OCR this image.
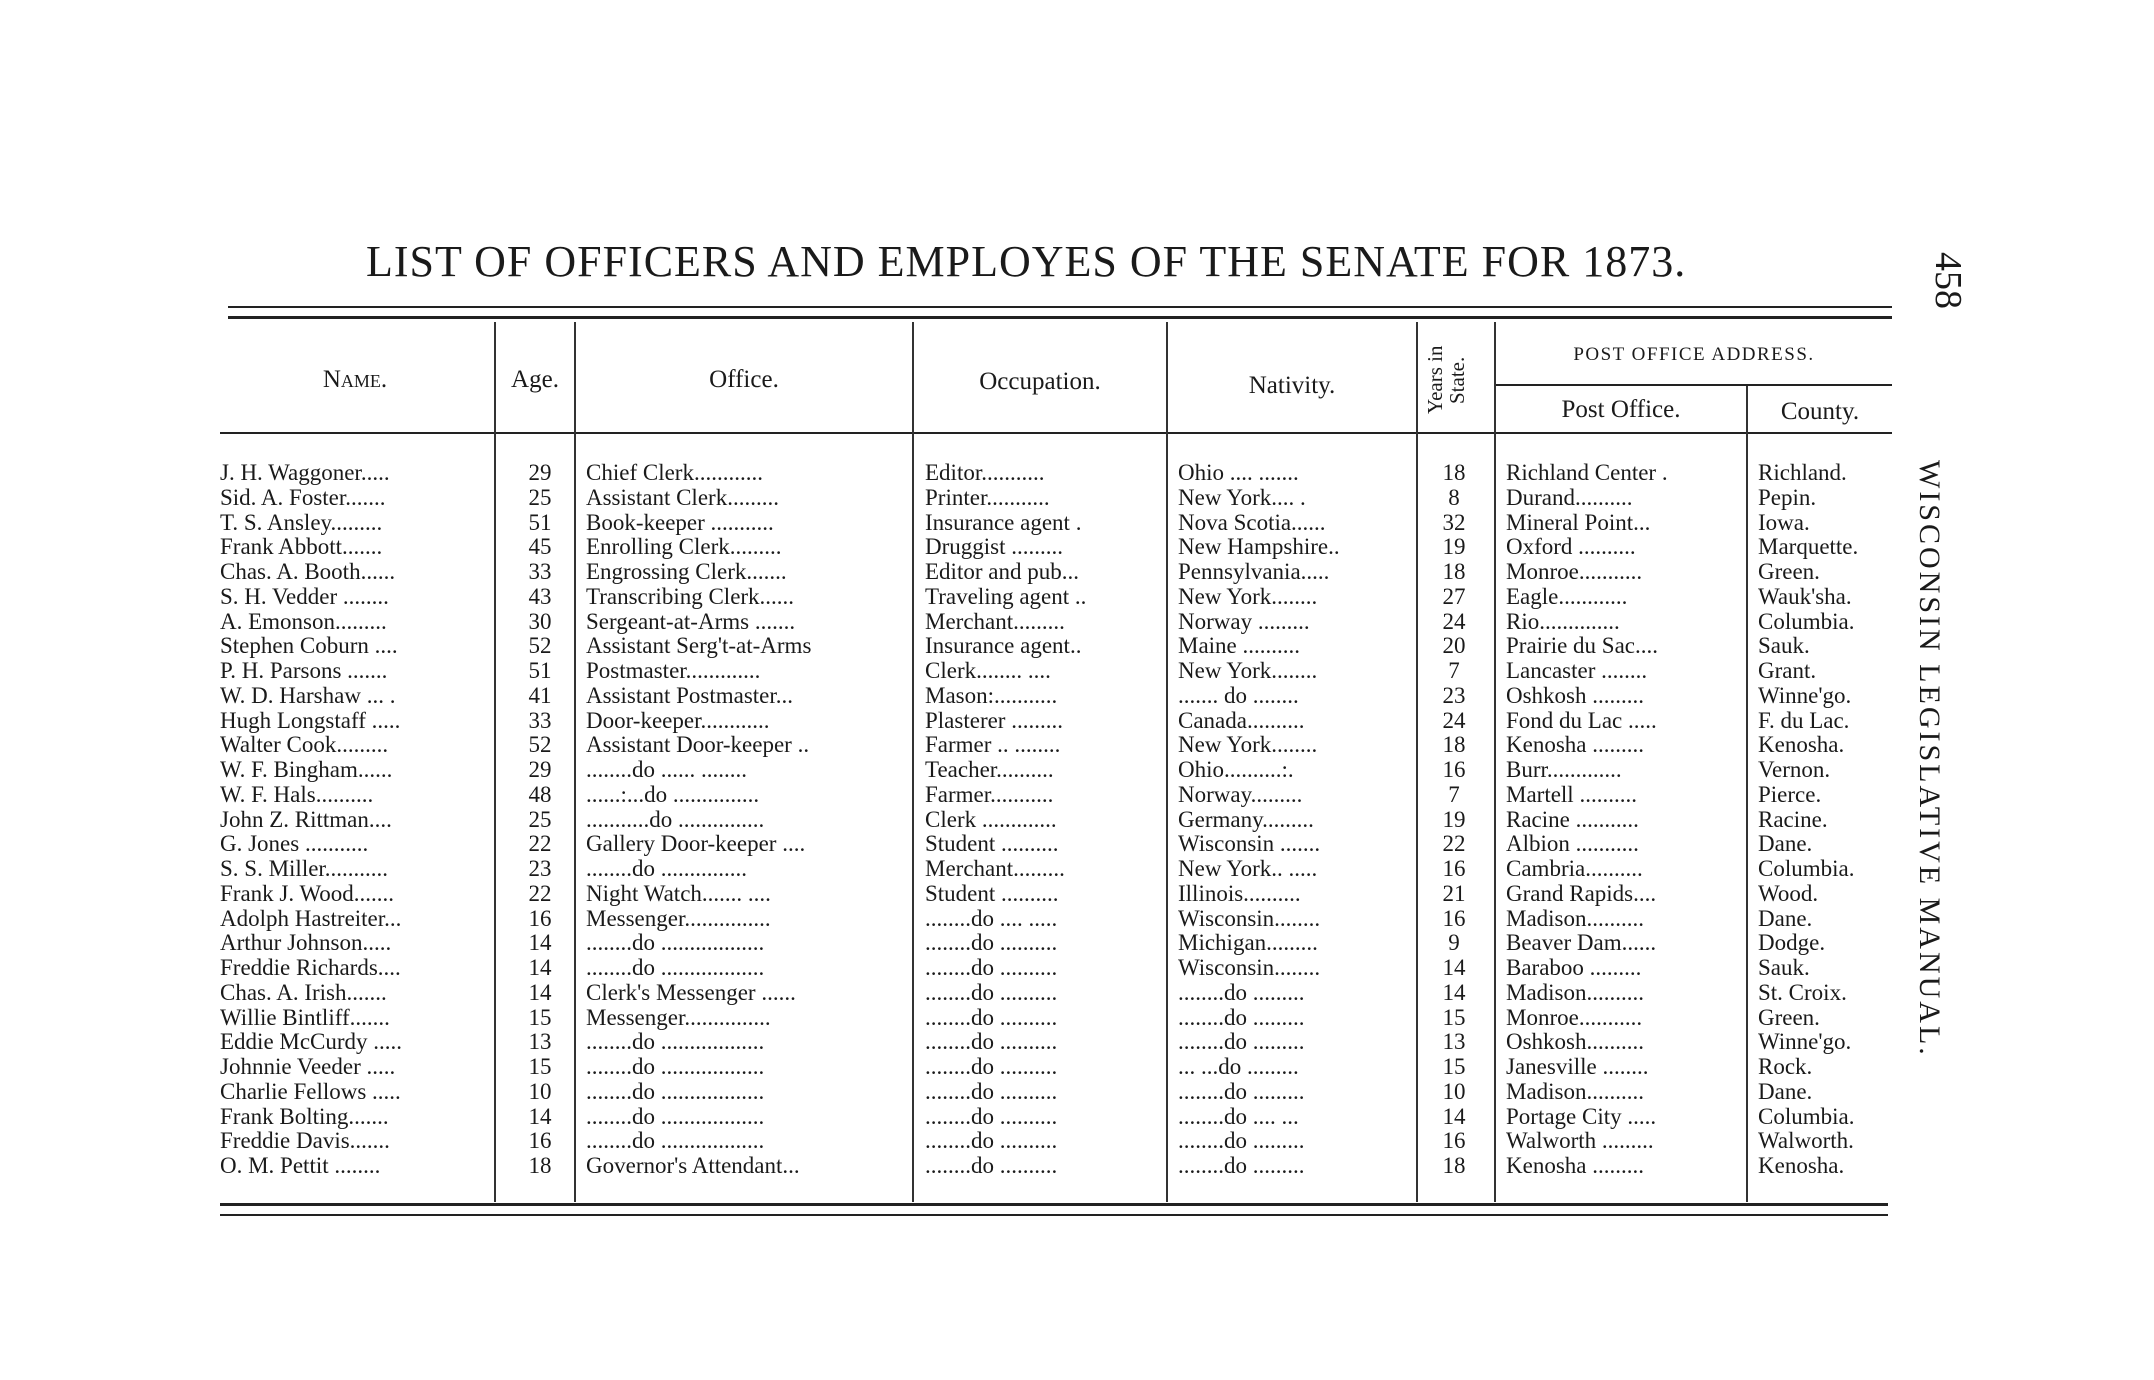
LIST OF OFFICERS AND EMPLOYES OF THE SENATE FOR 1873.	458
WISCONSIN LEGISLATIVE MANUAL.
Name.	Age.	Office.	Occupation.	Nativity.	Years in State.
POST OFFICE ADDRESS.
Post Office.	County.
J. H. Waggoner.....	29	Chief Clerk............	Editor...........	Ohio .... .......	18	Richland Center .	Richland.
Sid. A. Foster.......	25	Assistant Clerk.........	Printer...........	New York.... .	8	Durand..........	Pepin.
T. S. Ansley.........	51	Book-keeper ...........	Insurance agent .	Nova Scotia......	32	Mineral Point...	Iowa.
Frank Abbott.......	45	Enrolling Clerk.........	Druggist .........	New Hampshire..	19	Oxford ..........	Marquette.
Chas. A. Booth......	33	Engrossing Clerk.......	Editor and pub...	Pennsylvania.....	18	Monroe...........	Green.
S. H. Vedder ........	43	Transcribing Clerk......	Traveling agent ..	New York........	27	Eagle............	Wauk'sha.
A. Emonson.........	30	Sergeant-at-Arms .......	Merchant.........	Norway .........	24	Rio..............	Columbia.
Stephen Coburn ....	52	Assistant Serg't-at-Arms	Insurance agent..	Maine ..........	20	Prairie du Sac....	Sauk.
P. H. Parsons .......	51	Postmaster.............	Clerk........ ....	New York........	7	Lancaster ........	Grant.
W. D. Harshaw ... .	41	Assistant Postmaster...	Mason:...........	....... do ........	23	Oshkosh .........	Winne'go.
Hugh Longstaff .....	33	Door-keeper............	Plasterer .........	Canada..........	24	Fond du Lac .....	F. du Lac.
Walter Cook.........	52	Assistant Door-keeper ..	Farmer .. ........	New York........	18	Kenosha .........	Kenosha.
W. F. Bingham......	29	........do ...... ........	Teacher..........	Ohio..........:.	16	Burr.............	Vernon.
W. F. Hals..........	48	......:...do ...............	Farmer...........	Norway.........	7	Martell ..........	Pierce.
John Z. Rittman....	25	...........do ...............	Clerk .............	Germany.........	19	Racine ...........	Racine.
G. Jones ...........	22	Gallery Door-keeper ....	Student ..........	Wisconsin .......	22	Albion ...........	Dane.
S. S. Miller...........	23	........do ...............	Merchant.........	New York.. .....	16	Cambria..........	Columbia.
Frank J. Wood.......	22	Night Watch....... ....	Student ..........	Illinois..........	21	Grand Rapids....	Wood.
Adolph Hastreiter...	16	Messenger...............	........do .... .....	Wisconsin........	16	Madison..........	Dane.
Arthur Johnson.....	14	........do ..................	........do ..........	Michigan.........	9	Beaver Dam......	Dodge.
Freddie Richards....	14	........do ..................	........do ..........	Wisconsin........	14	Baraboo .........	Sauk.
Chas. A. Irish.......	14	Clerk's Messenger ......	........do ..........	........do .........	14	Madison..........	St. Croix.
Willie Bintliff.......	15	Messenger...............	........do ..........	........do .........	15	Monroe...........	Green.
Eddie McCurdy .....	13	........do ..................	........do ..........	........do .........	13	Oshkosh..........	Winne'go.
Johnnie Veeder .....	15	........do ..................	........do ..........	... ...do .........	15	Janesville ........	Rock.
Charlie Fellows .....	10	........do ..................	........do ..........	........do .........	10	Madison..........	Dane.
Frank Bolting.......	14	........do ..................	........do ..........	........do .... ...	14	Portage City .....	Columbia.
Freddie Davis.......	16	........do ..................	........do ..........	........do .........	16	Walworth .........	Walworth.
O. M. Pettit ........	18	Governor's Attendant...	........do ..........	........do .........	18	Kenosha .........	Kenosha.
